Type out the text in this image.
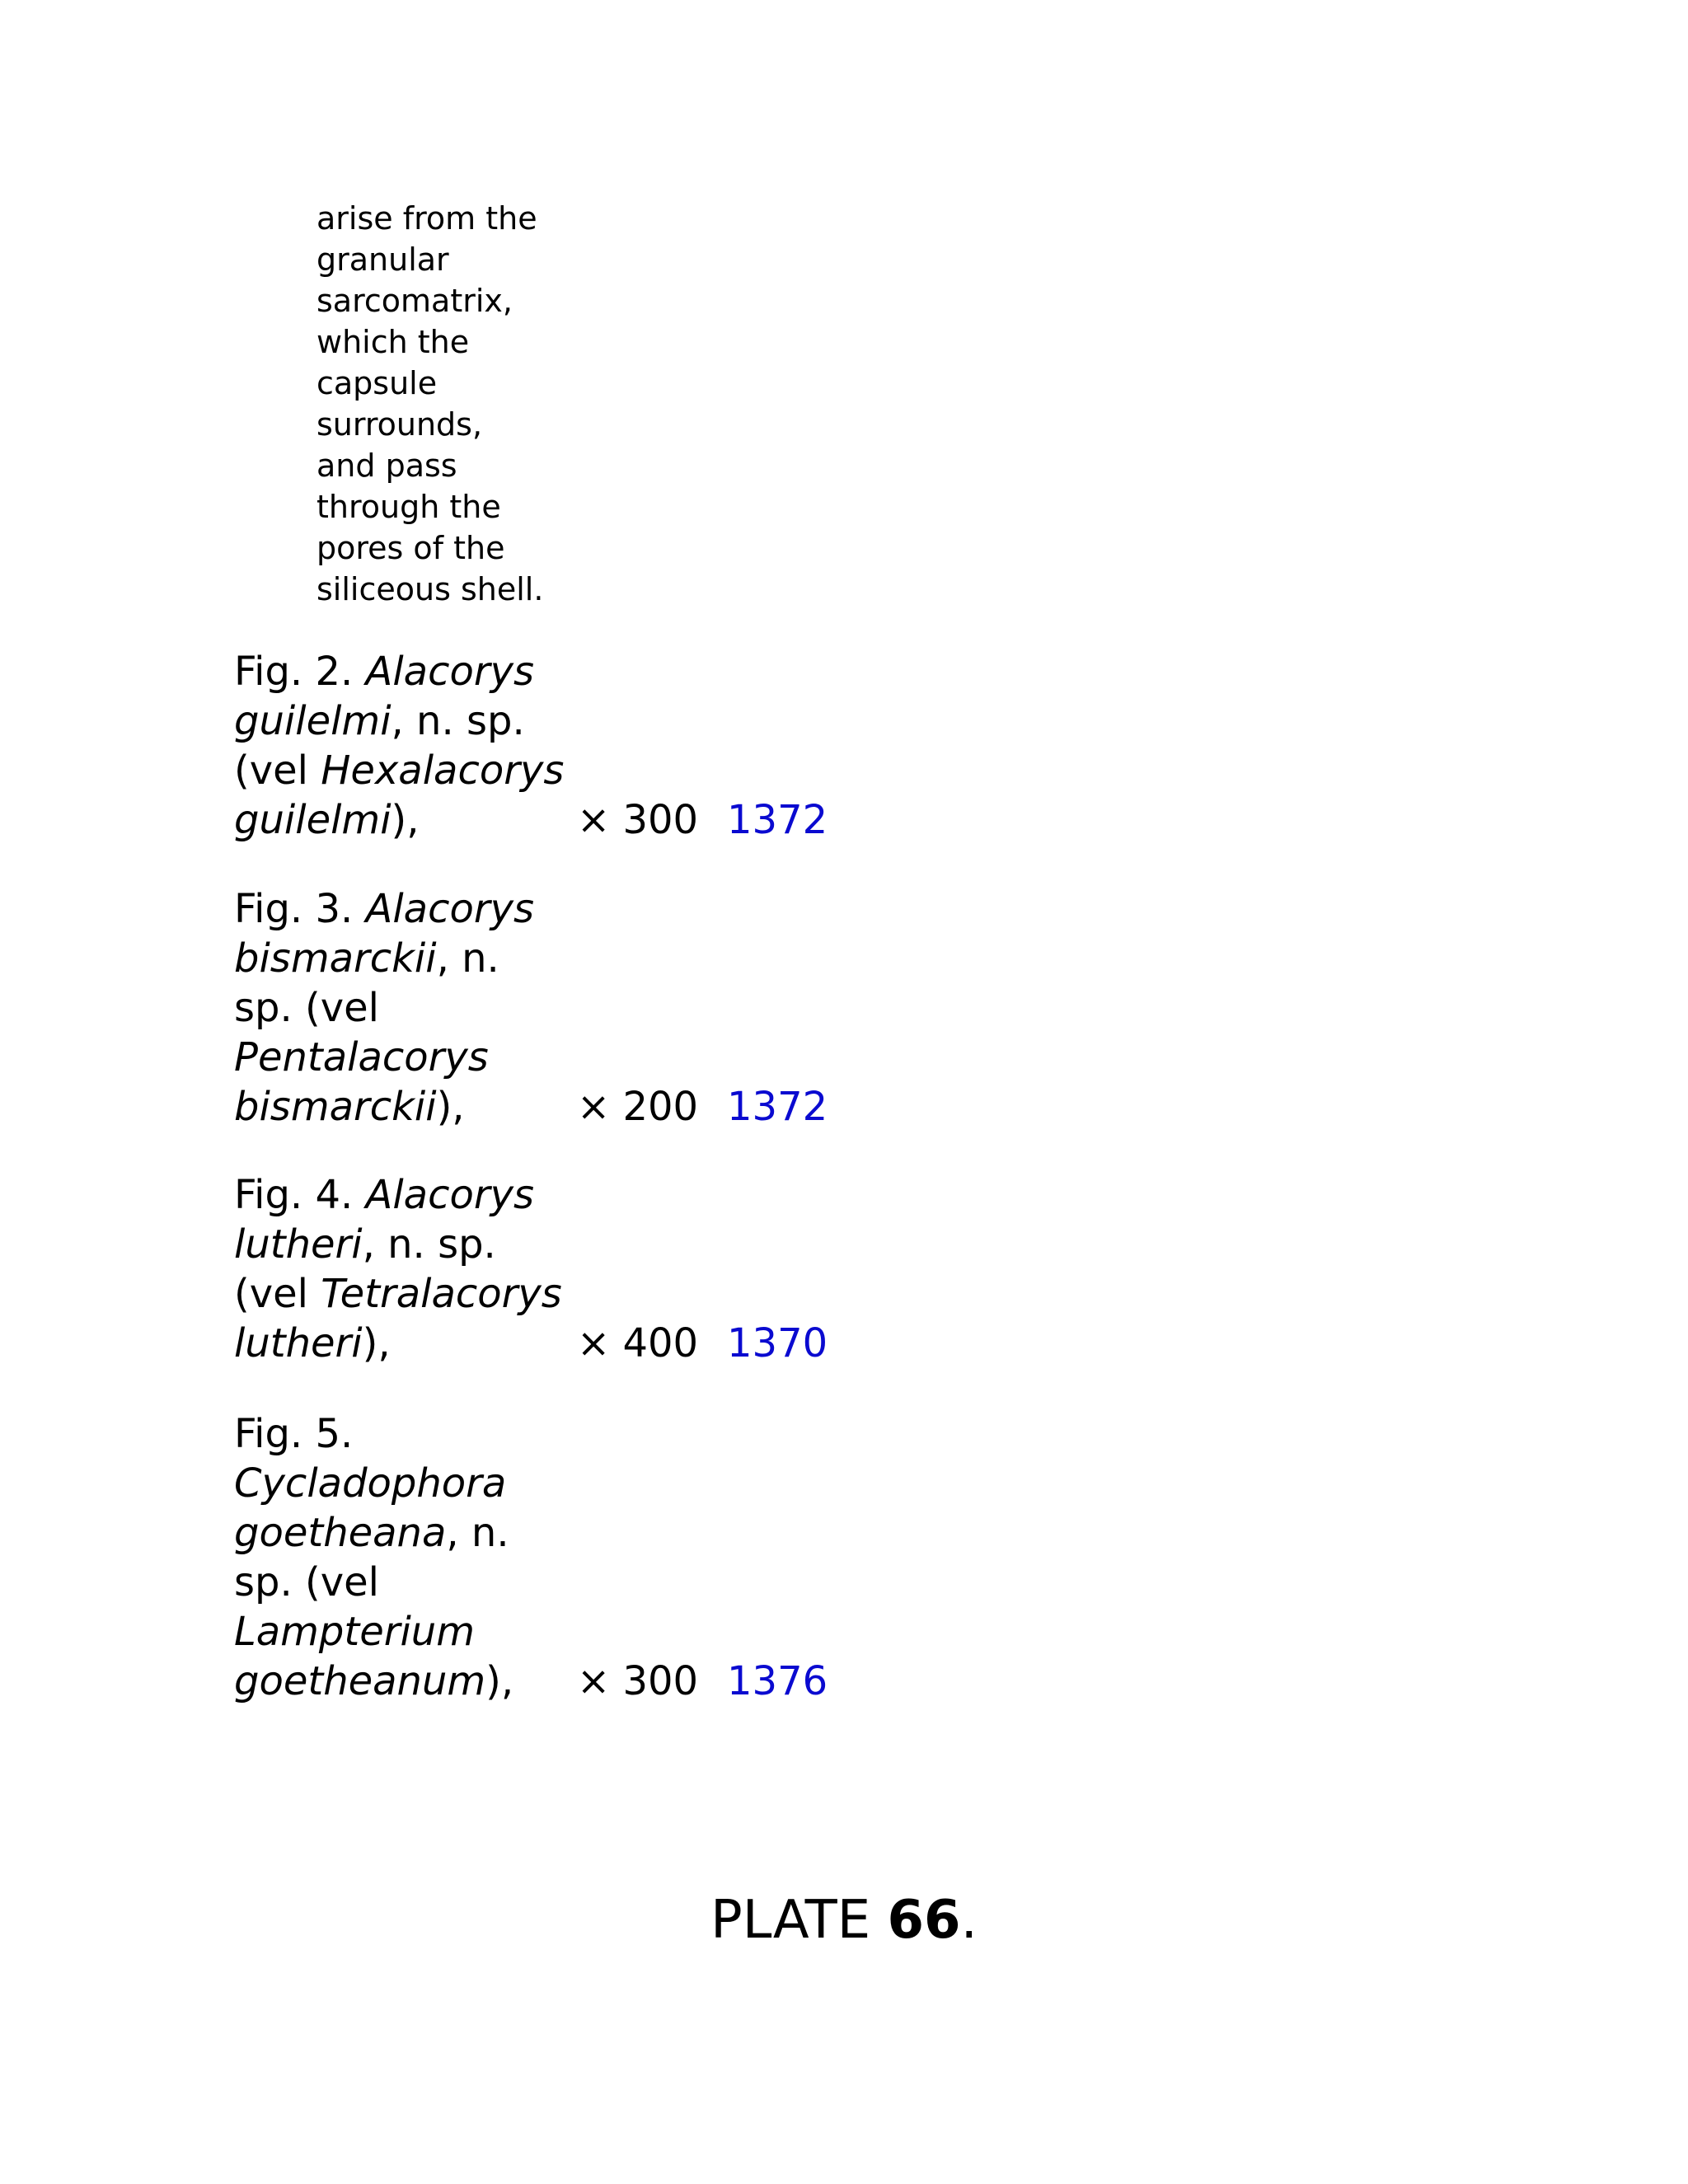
arise from the
granular
sarcomatrix,
which the
capsule
surrounds,
and pass
through the
pores of the
siliceous shell.
Fig. 2. Alacorys
guilelmi, n. sp.
(vel Hexalacorys
guilelmi),	× 300 1372
Fig. 3. Alacorys
bismarckii, n.
sp. (vel
Pentalacorys
bismarckii),	× 200 1372
Fig. 4. Alacorys
lutheri, n. sp.
(vel Tetralacorys
lutheri),	× 400 1370
Fig. 5.
Cycladophora
goetheana, n.
sp. (vel
Lampterium
goetheanum),	× 300 1376
PLATE 66.
